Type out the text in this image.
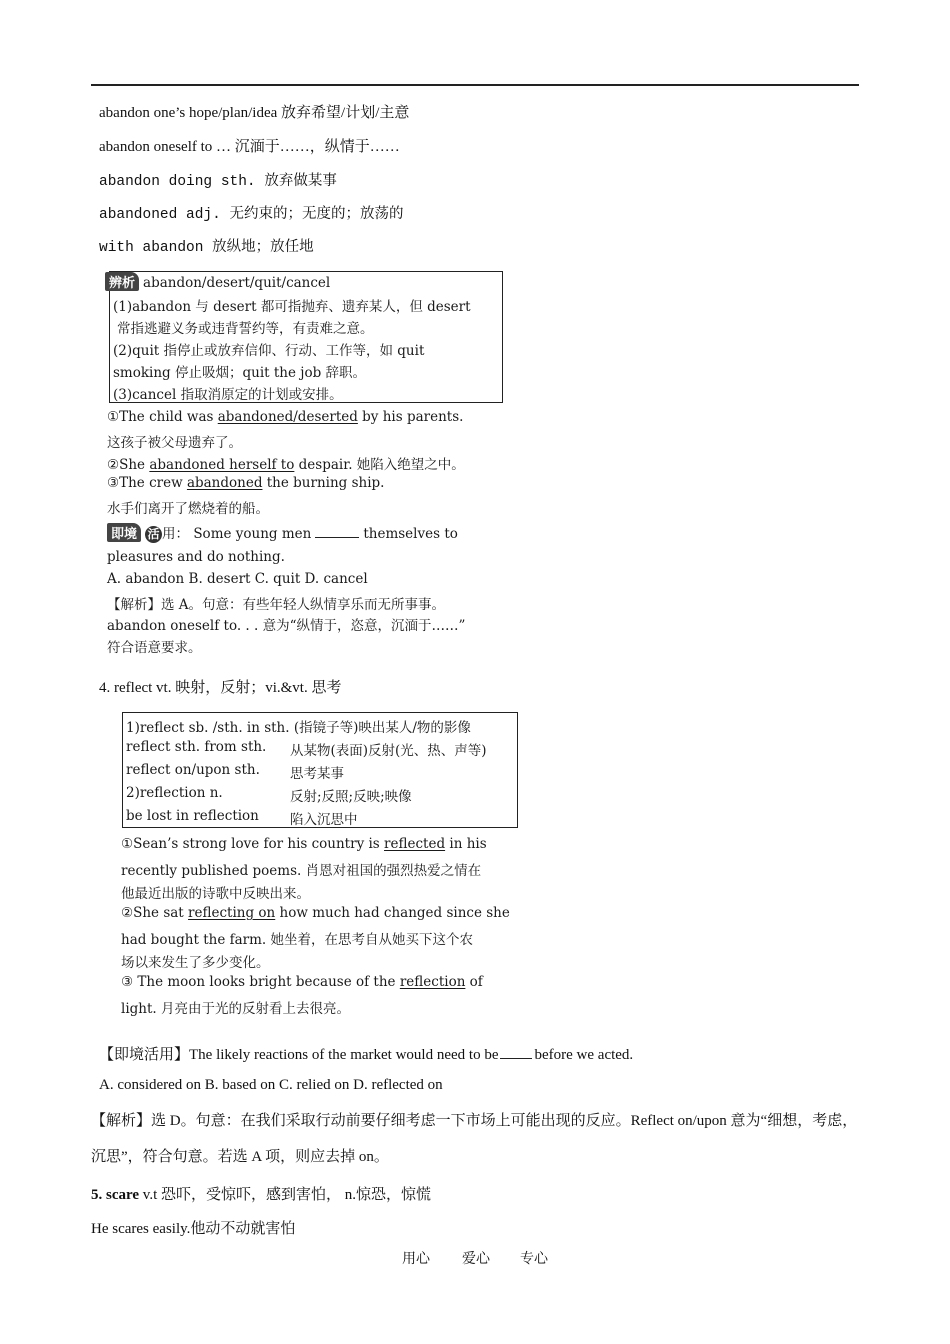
abandon one’s hope/plan/idea 放弃希望/计划/主意
abandon oneself to … 沉湎于……，纵情于……
abandon doing sth. 放弃做某事
abandoned adj. 无约束的；无度的；放荡的
with abandon 放纵地；放任地
辨析 abandon/desert/quit/cancel
(1)abandon 与 desert 都可指抛弃、遗弃某人，但 desert
常指逃避义务或违背誓约等，有责难之意。
(2)quit 指停止或放弃信仰、行动、工作等，如 quit
smoking 停止吸烟；quit the job 辞职。
(3)cancel 指取消原定的计划或安排。
①The child was abandoned/deserted by his parents.
这孩子被父母遗弃了。
②She abandoned herself to despair. 她陷入绝望之中。
③The crew abandoned the burning ship.
水手们离开了燃烧着的船。
即境 活 用： Some young men	themselves to
pleasures and do nothing.
A. abandon B. desert C. quit D. cancel
【解析】选 A。句意：有些年轻人纵情享乐而无所事事。
abandon oneself to. . . 意为“纵情于，恣意，沉湎于……”
符合语意要求。
4. reflect vt. 映射，反射；vi.&vt. 思考
1)reflect sb. /sth. in sth. (指镜子等)映出某人/物的影像
reflect sth. from sth. 从某物(表面)反射(光、热、声等)
reflect on/upon sth. 思考某事
2)reflection n.	反射;反照;反映;映像
be lost in reflection 陷入沉思中
①Sean’s strong love for his country is reflected in his
recently published poems. 肖恩对祖国的强烈热爱之情在
他最近出版的诗歌中反映出来。
②She sat reflecting on how much had changed since she
had bought the farm. 她坐着，在思考自从她买下这个农
场以来发生了多少变化。
③ The moon looks bright because of the reflection of
light. 月亮由于光的反射看上去很亮。
【即境活用】The likely reactions of the market would need to be before we acted.
A. considered on B. based on C. relied on D. reflected on
【解析】选 D。句意：在我们采取行动前要仔细考虑一下市场上可能出现的反应。Reflect on/upon 意为“细想，考虑，沉思”，符合句意。若选 A 项，则应去掉 on。
5. scare v.t 恐吓，受惊吓，感到害怕， n.惊恐，惊慌
He scares easily.他动不动就害怕
用心 爱心 专心
